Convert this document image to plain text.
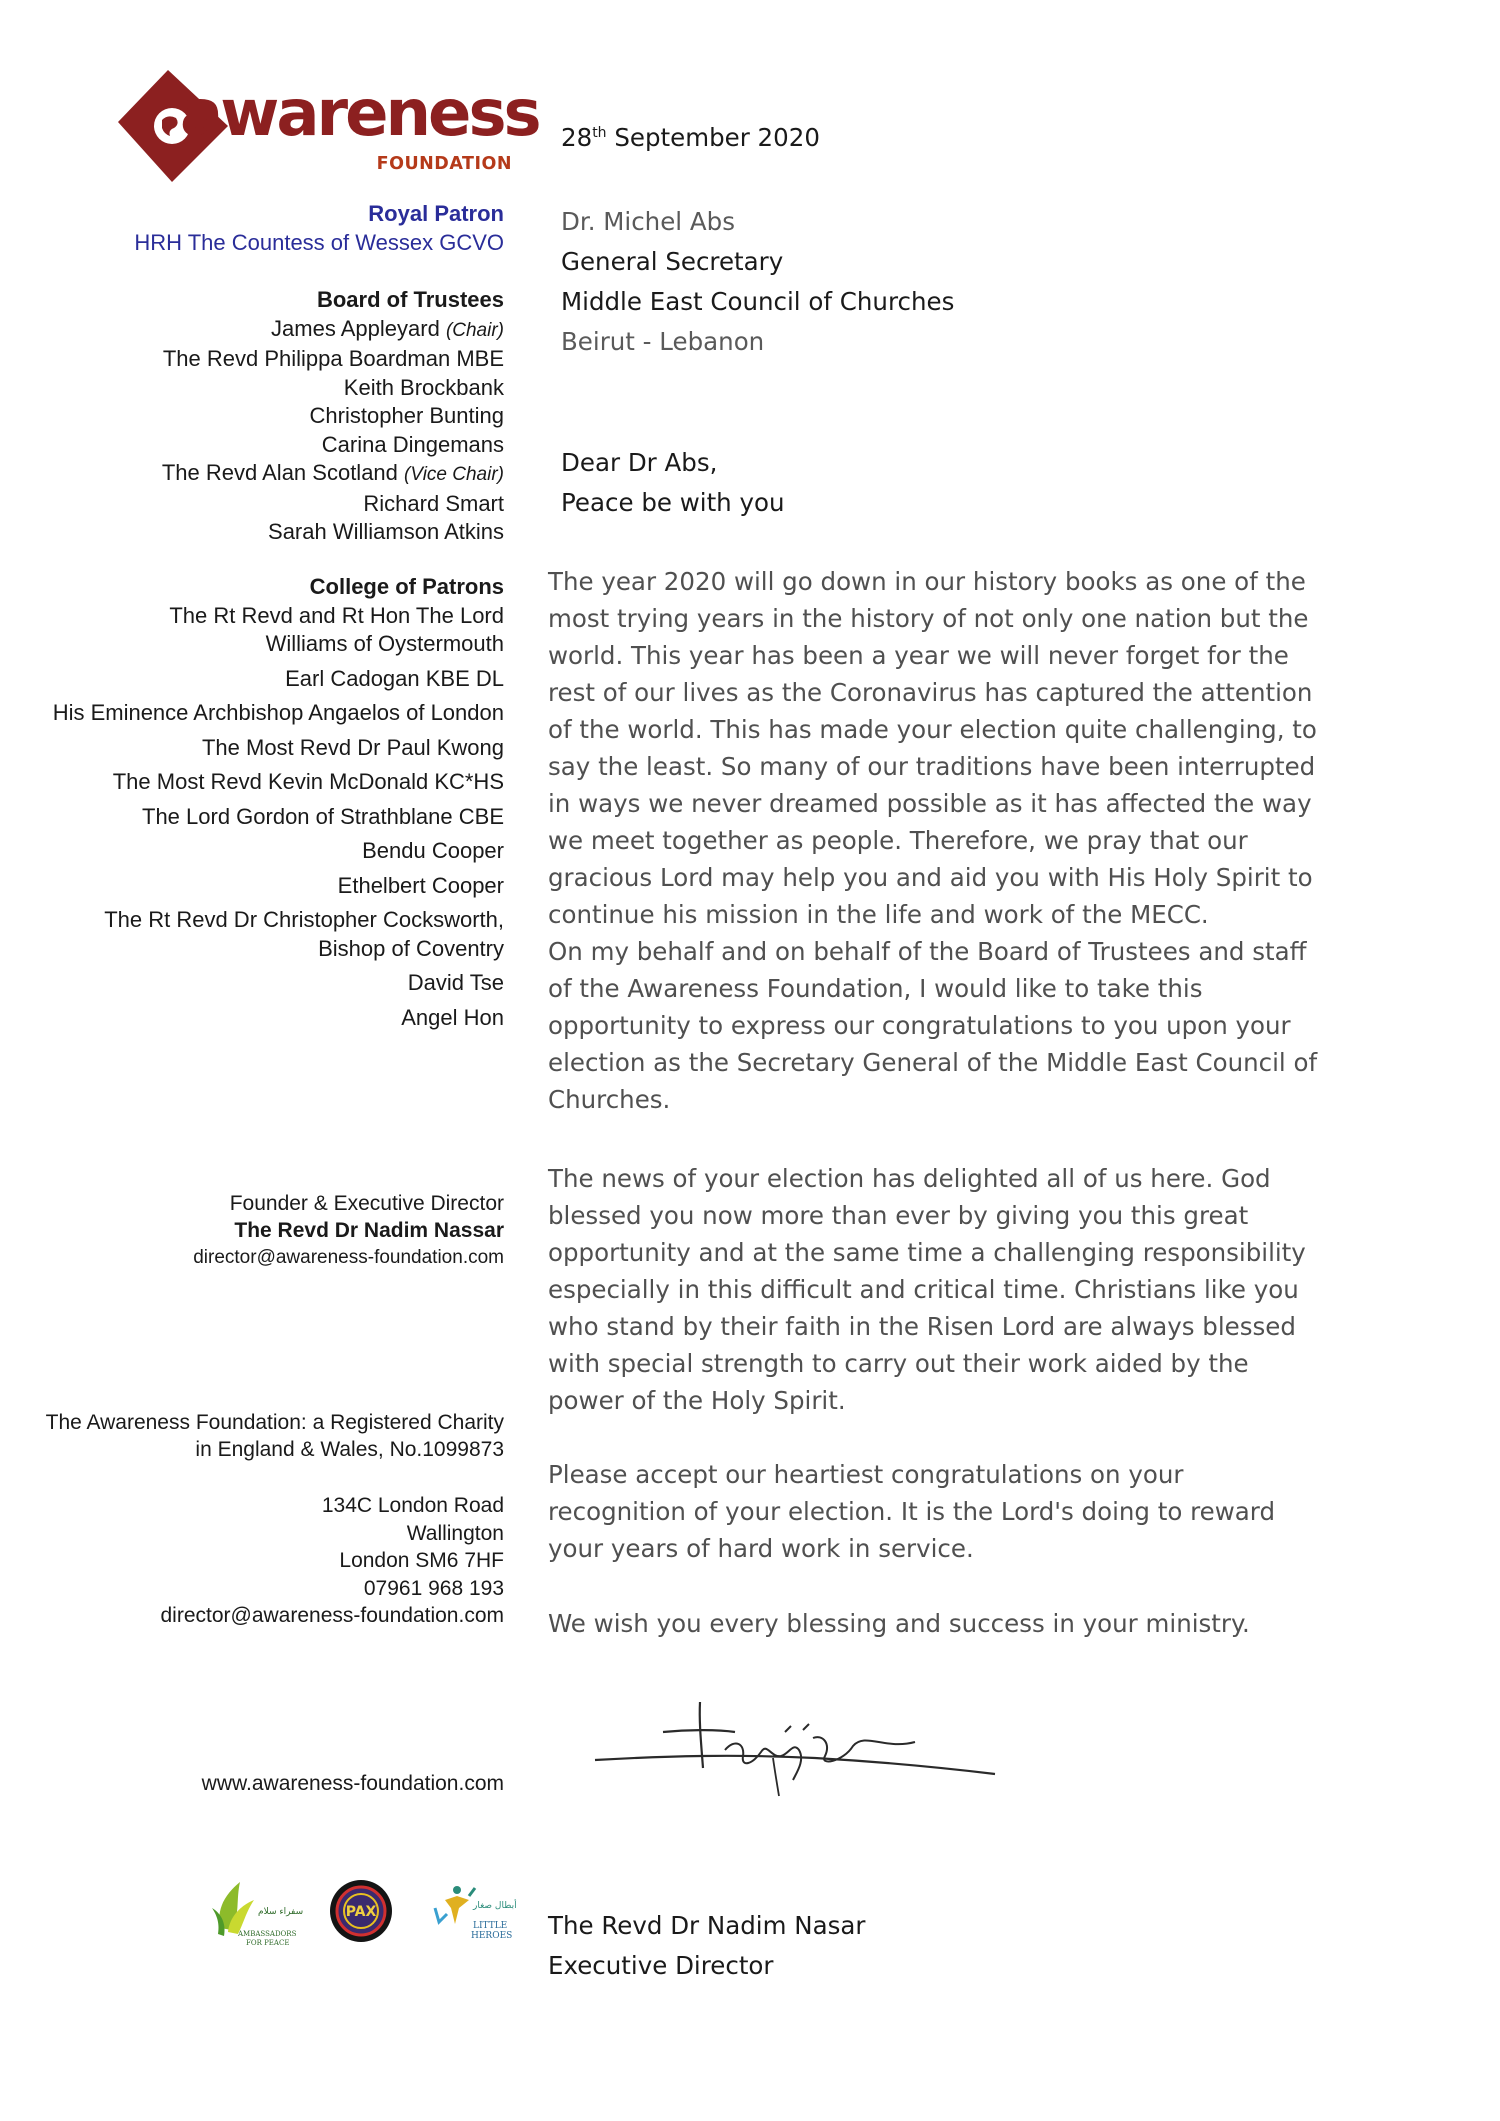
awareness
FOUNDATION
Royal Patron
HRH The Countess of Wessex GCVO
Board of Trustees
James Appleyard (Chair)
The Revd Philippa Boardman MBE
Keith Brockbank
Christopher Bunting
Carina Dingemans
The Revd Alan Scotland (Vice Chair)
Richard Smart
Sarah Williamson Atkins
College of Patrons
The Rt Revd and Rt Hon The Lord
Williams of Oystermouth
Earl Cadogan KBE DL
His Eminence Archbishop Angaelos of London
The Most Revd Dr Paul Kwong
The Most Revd Kevin McDonald KC*HS
The Lord Gordon of Strathblane CBE
Bendu Cooper
Ethelbert Cooper
The Rt Revd Dr Christopher Cocksworth,
Bishop of Coventry
David Tse
Angel Hon
Founder & Executive Director
The Revd Dr Nadim Nassar
director@awareness-foundation.com
The Awareness Foundation: a Registered Charity
in England & Wales, No.1099873
134C London Road
Wallington
London SM6 7HF
07961 968 193
director@awareness-foundation.com
www.awareness-foundation.com
سفراء سلام
AMBASSADORS
FOR PEACE
PAX	أبطال صغار
LITTLE
HEROES
28th September 2020
Dr. Michel Abs
General Secretary
Middle East Council of Churches
Beirut - Lebanon
Dear Dr Abs,
Peace be with you
The year 2020 will go down in our history books as one of the
most trying years in the history of not only one nation but the
world. This year has been a year we will never forget for the
rest of our lives as the Coronavirus has captured the attention
of the world. This has made your election quite challenging, to
say the least. So many of our traditions have been interrupted
in ways we never dreamed possible as it has affected the way
we meet together as people. Therefore, we pray that our
gracious Lord may help you and aid you with His Holy Spirit to
continue his mission in the life and work of the MECC.
On my behalf and on behalf of the Board of Trustees and staff
of the Awareness Foundation, I would like to take this
opportunity to express our congratulations to you upon your
election as the Secretary General of the Middle East Council of
Churches.
The news of your election has delighted all of us here. God
blessed you now more than ever by giving you this great
opportunity and at the same time a challenging responsibility
especially in this difficult and critical time. Christians like you
who stand by their faith in the Risen Lord are always blessed
with special strength to carry out their work aided by the
power of the Holy Spirit.
Please accept our heartiest congratulations on your
recognition of your election. It is the Lord's doing to reward
your years of hard work in service.
We wish you every blessing and success in your ministry.
The Revd Dr Nadim Nasar
Executive Director
